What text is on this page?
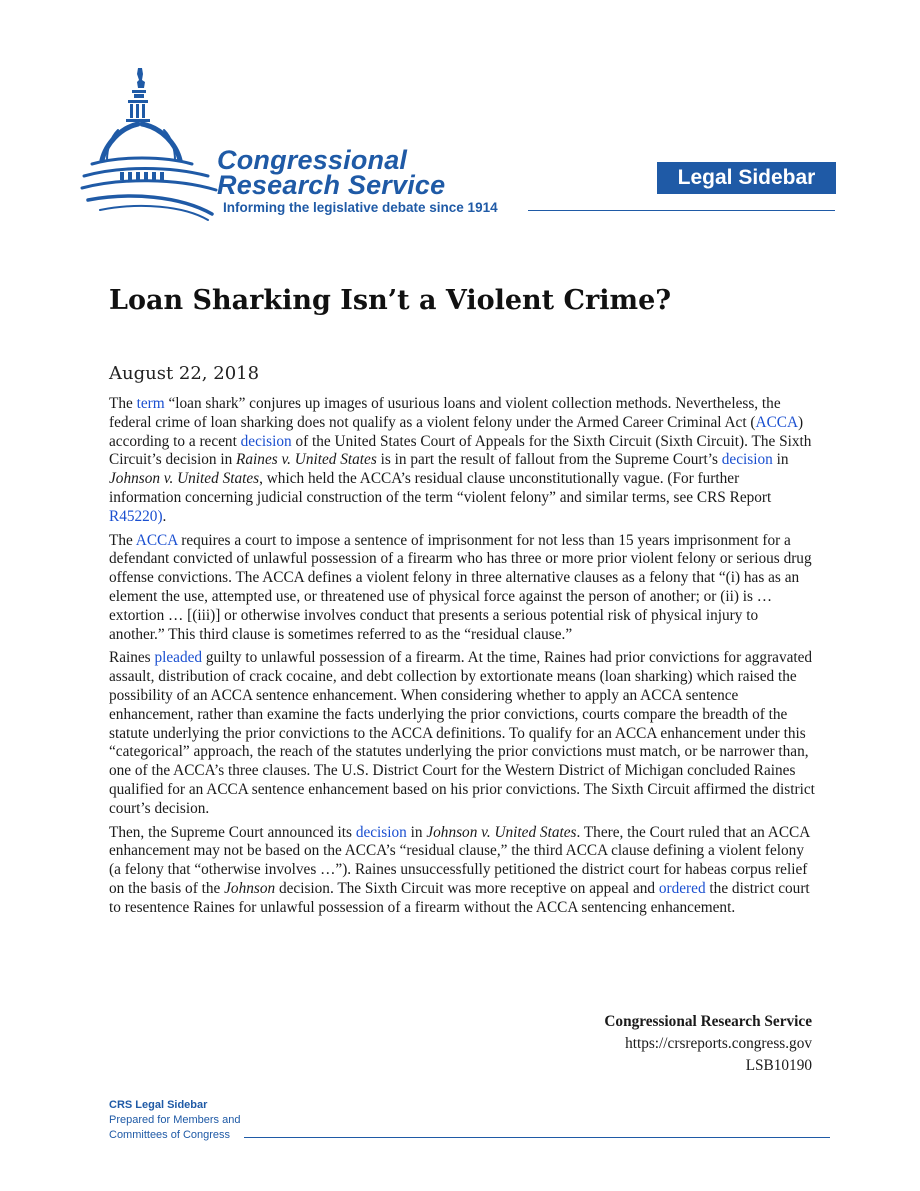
Congressional

Research Service

Informing the legislative debate since 1914

Legal Sidebar
Loan Sharking Isn’t a Violent Crime?

August 22, 2018

The term “loan shark” conjures up images of usurious loans and violent collection methods. Nevertheless, the federal crime of loan sharking does not qualify as a violent felony under the Armed Career Criminal Act (ACCA) according to a recent decision of the United States Court of Appeals for the Sixth Circuit (Sixth Circuit). The Sixth Circuit’s decision in Raines v. United States is in part the result of fallout from the Supreme Court’s decision in Johnson v. United States, which held the ACCA’s residual clause unconstitutionally vague. (For further information concerning judicial construction of the term “violent felony” and similar terms, see CRS Report R45220).

The ACCA requires a court to impose a sentence of imprisonment for not less than 15 years imprisonment for a defendant convicted of unlawful possession of a firearm who has three or more prior violent felony or serious drug offense convictions. The ACCA defines a violent felony in three alternative clauses as a felony that “(i) has as an element the use, attempted use, or threatened use of physical force against the person of another; or (ii) is … extortion … [(iii)] or otherwise involves conduct that presents a serious potential risk of physical injury to another.” This third clause is sometimes referred to as the “residual clause.”

Raines pleaded guilty to unlawful possession of a firearm. At the time, Raines had prior convictions for aggravated assault, distribution of crack cocaine, and debt collection by extortionate means (loan sharking) which raised the possibility of an ACCA sentence enhancement. When considering whether to apply an ACCA sentence enhancement, rather than examine the facts underlying the prior convictions, courts compare the breadth of the statute underlying the prior convictions to the ACCA definitions. To qualify for an ACCA enhancement under this “categorical” approach, the reach of the statutes underlying the prior convictions must match, or be narrower than, one of the ACCA’s three clauses. The U.S. District Court for the Western District of Michigan concluded Raines qualified for an ACCA sentence enhancement based on his prior convictions. The Sixth Circuit affirmed the district court’s decision.

Then, the Supreme Court announced its decision in Johnson v. United States. There, the Court ruled that an ACCA enhancement may not be based on the ACCA’s “residual clause,” the third ACCA clause defining a violent felony (a felony that “otherwise involves …”). Raines unsuccessfully petitioned the district court for habeas corpus relief on the basis of the Johnson decision. The Sixth Circuit was more receptive on appeal and ordered the district court to resentence Raines for unlawful possession of a firearm without the ACCA sentencing enhancement.

Congressional Research Service
https://crsreports.congress.gov
LSB10190
CRS Legal Sidebar
Prepared for Members and
Committees of Congress
